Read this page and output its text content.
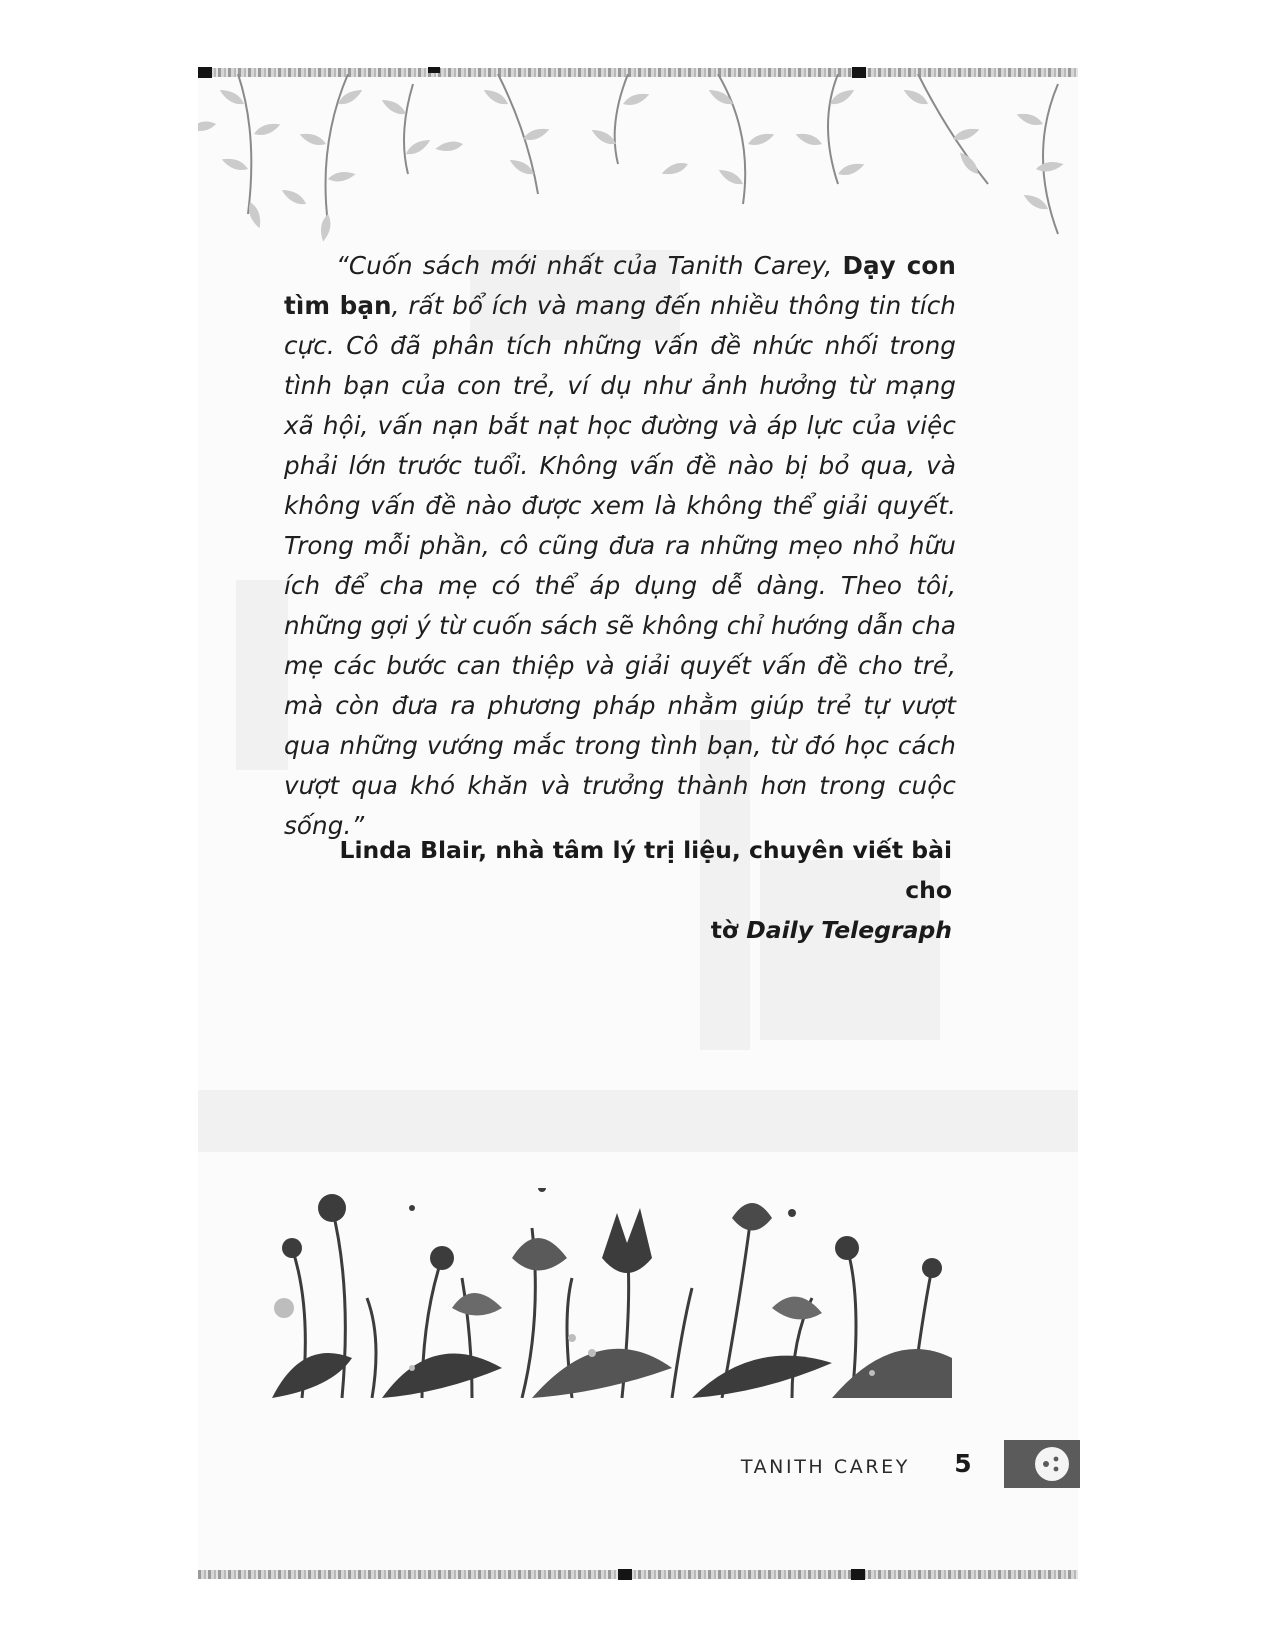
“Cuốn sách mới nhất của Tanith Carey, Dạy con tìm bạn, rất bổ ích và mang đến nhiều thông tin tích cực. Cô đã phân tích những vấn đề nhức nhối trong tình bạn của con trẻ, ví dụ như ảnh hưởng từ mạng xã hội, vấn nạn bắt nạt học đường và áp lực của việc phải lớn trước tuổi. Không vấn đề nào bị bỏ qua, và không vấn đề nào được xem là không thể giải quyết. Trong mỗi phần, cô cũng đưa ra những mẹo nhỏ hữu ích để cha mẹ có thể áp dụng dễ dàng. Theo tôi, những gợi ý từ cuốn sách sẽ không chỉ hướng dẫn cha mẹ các bước can thiệp và giải quyết vấn đề cho trẻ, mà còn đưa ra phương pháp nhằm giúp trẻ tự vượt qua những vướng mắc trong tình bạn, từ đó học cách vượt qua khó khăn và trưởng thành hơn trong cuộc sống.”

Linda Blair, nhà tâm lý trị liệu, chuyên viết bài cho
tờ Daily Telegraph
TANITH CAREY 5
